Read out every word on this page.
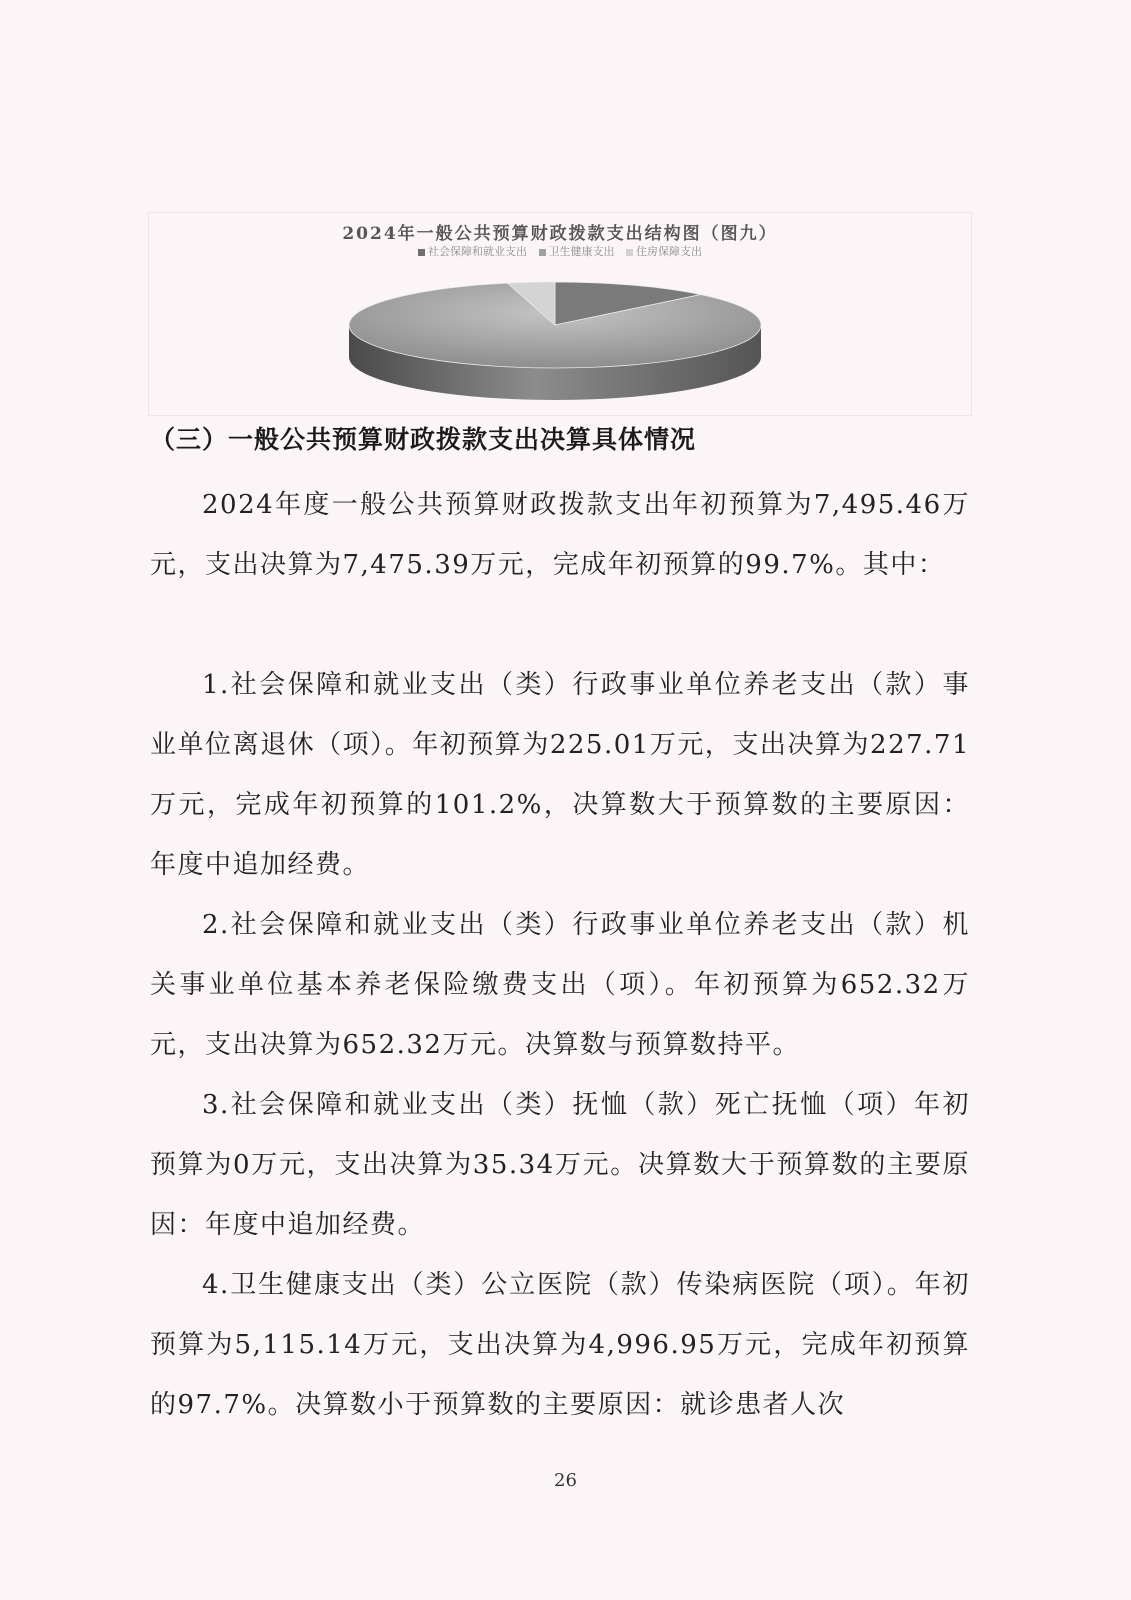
2024年一般公共预算财政拨款支出结构图（图九）

社会保障和就业支出 卫生健康支出 住房保障支出
（三）一般公共预算财政拨款支出决算具体情况

2024年度一般公共预算财政拨款支出年初预算为7,495.46万元，支出决算为7,475.39万元，完成年初预算的99.7%。其中：

1.社会保障和就业支出（类）行政事业单位养老支出（款）事业单位离退休（项）。年初预算为225.01万元，支出决算为227.71万元，完成年初预算的101.2%，决算数大于预算数的主要原因：年度中追加经费。

2.社会保障和就业支出（类）行政事业单位养老支出（款）机关事业单位基本养老保险缴费支出（项）。年初预算为652.32万元，支出决算为652.32万元。决算数与预算数持平。

3.社会保障和就业支出（类）抚恤（款）死亡抚恤（项）年初预算为0万元，支出决算为35.34万元。决算数大于预算数的主要原因：年度中追加经费。

4.卫生健康支出（类）公立医院（款）传染病医院（项）。年初预算为5,115.14万元，支出决算为4,996.95万元，完成年初预算的97.7%。决算数小于预算数的主要原因：就诊患者人次

26
